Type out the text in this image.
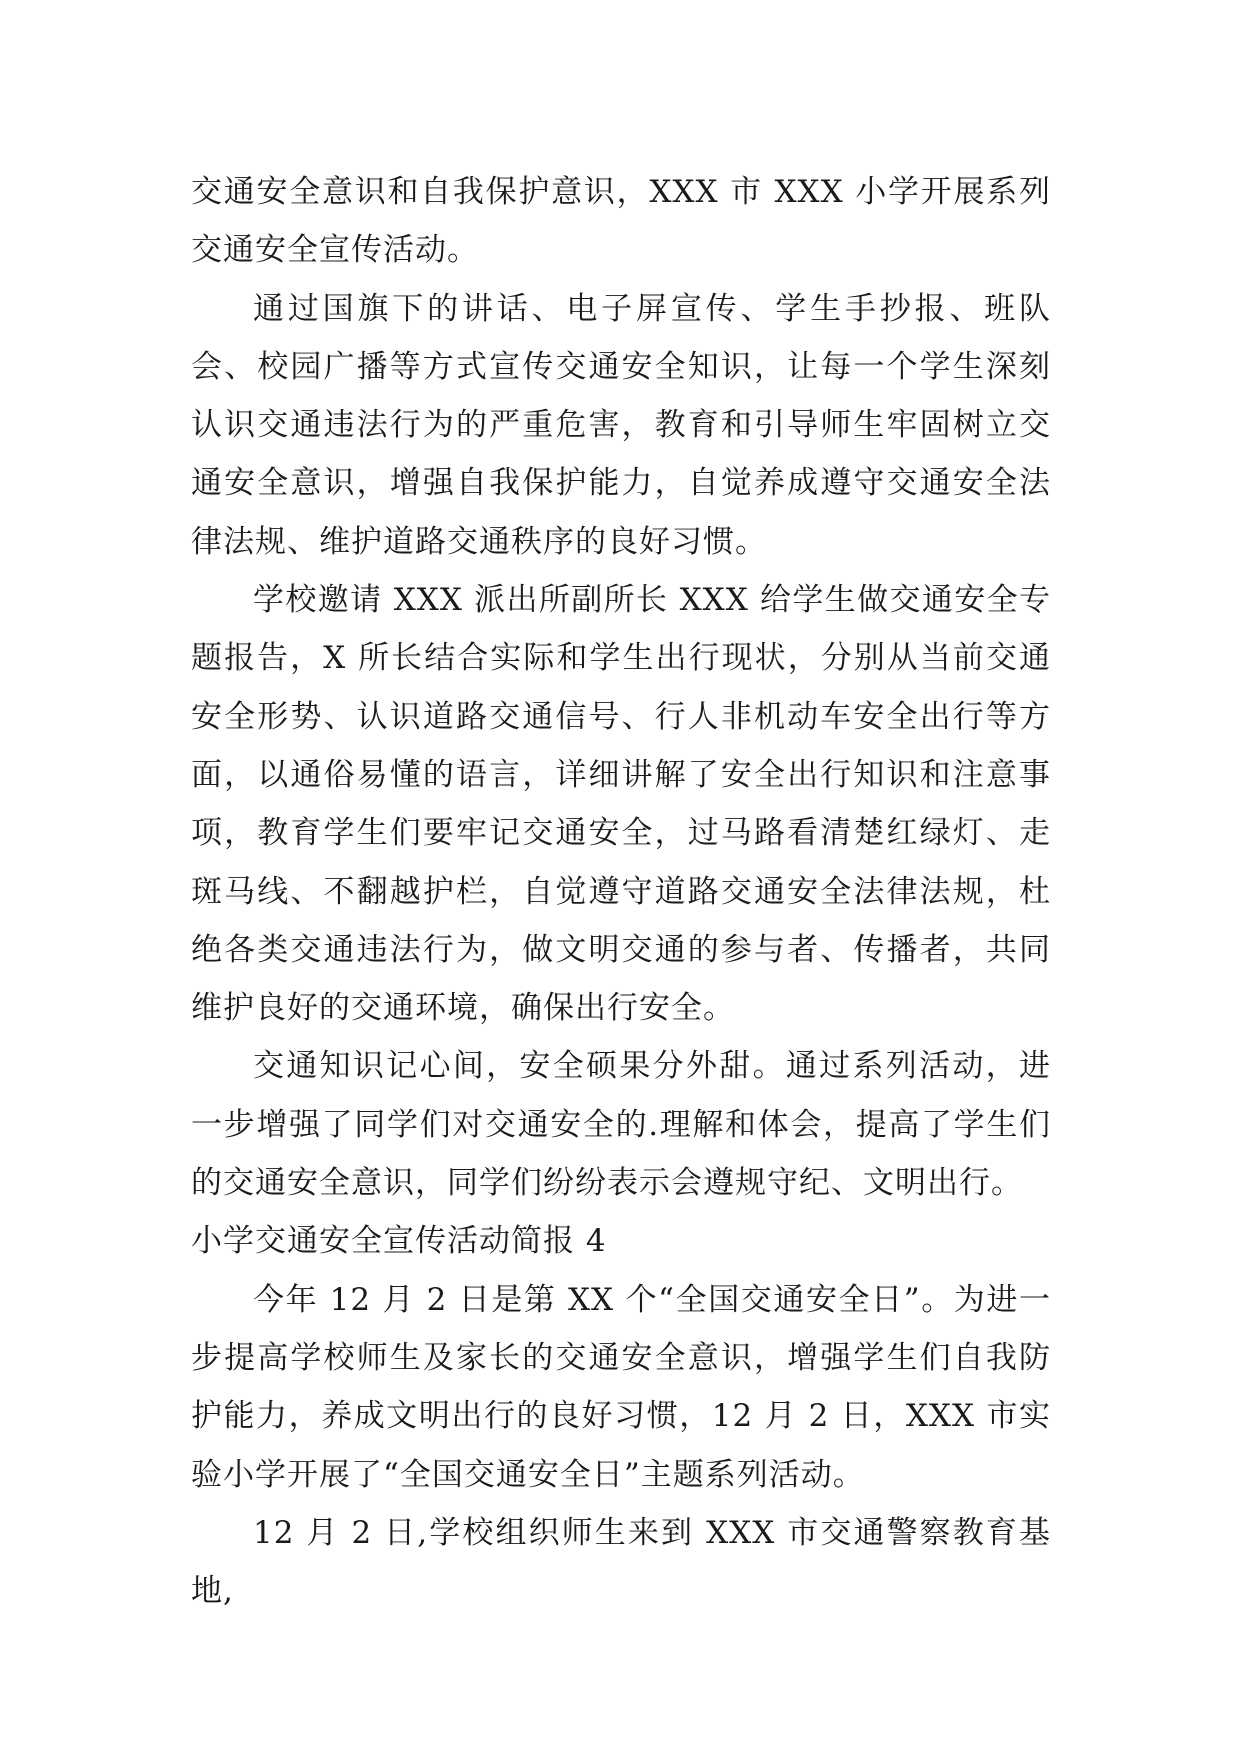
交通安全意识和自我保护意识，XXX 市 XXX 小学开展系列交通安全宣传活动。

通过国旗下的讲话、电子屏宣传、学生手抄报、班队会、校园广播等方式宣传交通安全知识，让每一个学生深刻认识交通违法行为的严重危害，教育和引导师生牢固树立交通安全意识，增强自我保护能力，自觉养成遵守交通安全法律法规、维护道路交通秩序的良好习惯。

学校邀请 XXX 派出所副所长 XXX 给学生做交通安全专题报告，X 所长结合实际和学生出行现状，分别从当前交通安全形势、认识道路交通信号、行人非机动车安全出行等方面，以通俗易懂的语言，详细讲解了安全出行知识和注意事项，教育学生们要牢记交通安全，过马路看清楚红绿灯、走斑马线、不翻越护栏，自觉遵守道路交通安全法律法规，杜绝各类交通违法行为，做文明交通的参与者、传播者，共同维护良好的交通环境，确保出行安全。

交通知识记心间，安全硕果分外甜。通过系列活动，进一步增强了同学们对交通安全的.理解和体会，提高了学生们的交通安全意识，同学们纷纷表示会遵规守纪、文明出行。

小学交通安全宣传活动简报 4

今年 12 月 2 日是第 XX 个“全国交通安全日”。为进一步提高学校师生及家长的交通安全意识，增强学生们自我防护能力，养成文明出行的良好习惯，12 月 2 日，XXX 市实验小学开展了“全国交通安全日”主题系列活动。

12 月 2 日,学校组织师生来到 XXX 市交通警察教育基地,
